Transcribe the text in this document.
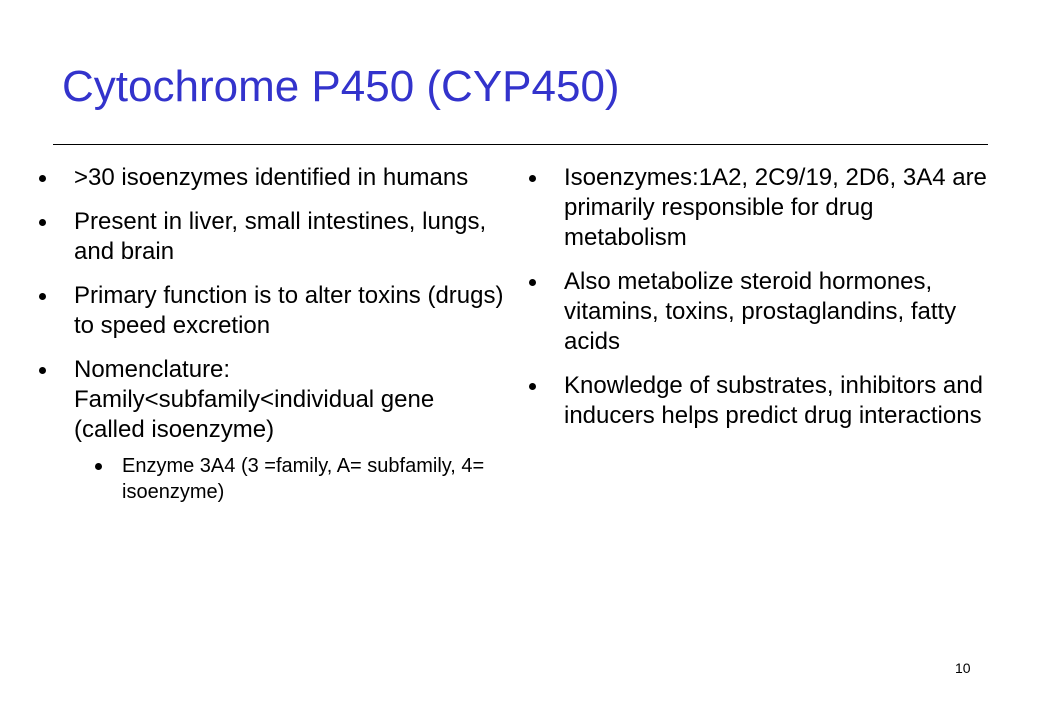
Cytochrome P450 (CYP450)
>30 isoenzymes identified in humans
Present in liver, small intestines, lungs, and brain
Primary function is to alter toxins (drugs) to speed excretion
Nomenclature: Family<subfamily<individual gene (called isoenzyme)
Enzyme 3A4 (3 =family, A= subfamily, 4= isoenzyme)
Isoenzymes:1A2, 2C9/19, 2D6, 3A4 are primarily responsible for drug metabolism
Also metabolize steroid hormones, vitamins, toxins, prostaglandins, fatty acids
Knowledge of substrates, inhibitors and inducers helps predict drug interactions
10
